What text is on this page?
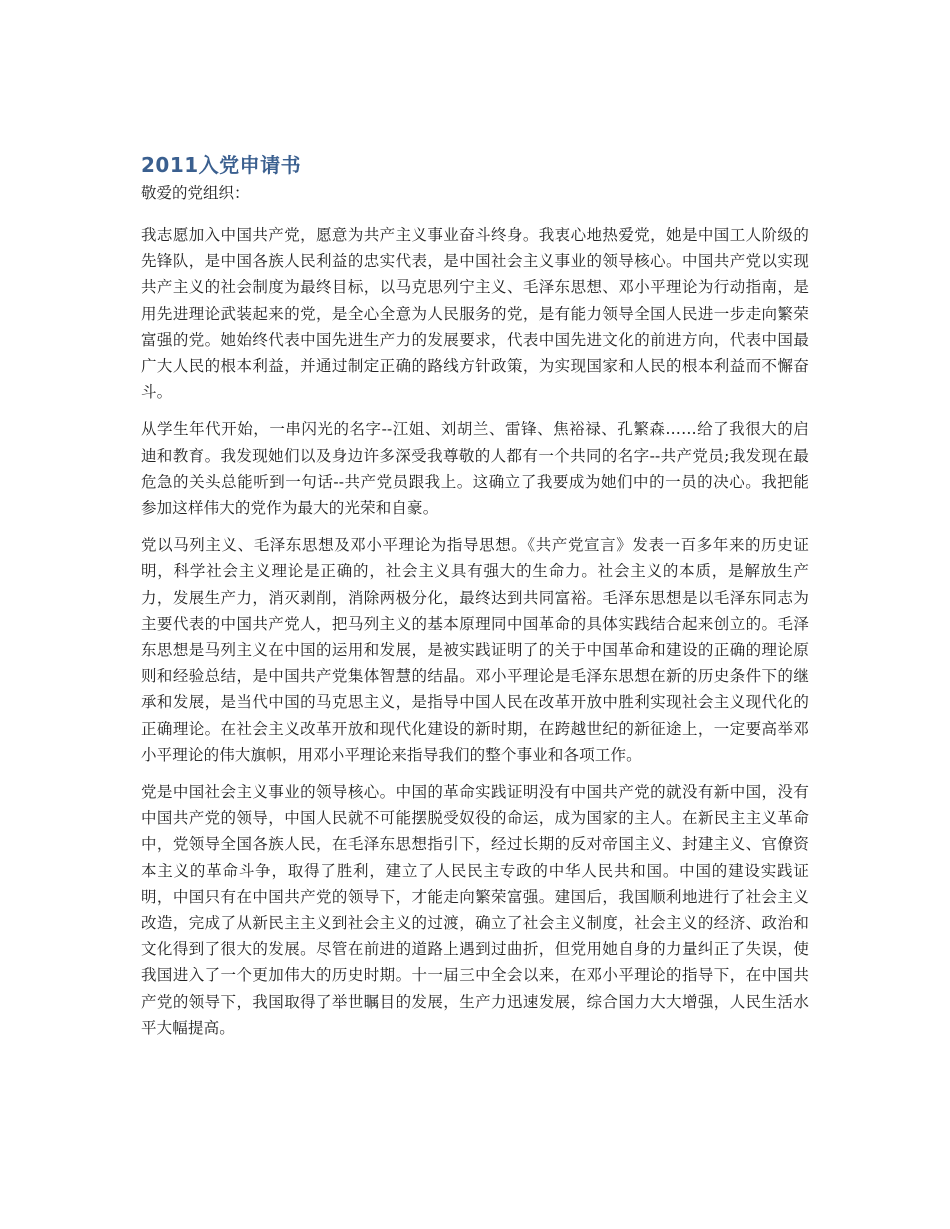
2011入党申请书

敬爱的党组织：

我志愿加入中国共产党，愿意为共产主义事业奋斗终身。我衷心地热爱党，她是中国工人阶级的先锋队，是中国各族人民利益的忠实代表，是中国社会主义事业的领导核心。中国共产党以实现共产主义的社会制度为最终目标，以马克思列宁主义、毛泽东思想、邓小平理论为行动指南，是用先进理论武装起来的党，是全心全意为人民服务的党，是有能力领导全国人民进一步走向繁荣富强的党。她始终代表中国先进生产力的发展要求，代表中国先进文化的前进方向，代表中国最广大人民的根本利益，并通过制定正确的路线方针政策，为实现国家和人民的根本利益而不懈奋斗。

从学生年代开始，一串闪光的名字--江姐、刘胡兰、雷锋、焦裕禄、孔繁森……给了我很大的启迪和教育。我发现她们以及身边许多深受我尊敬的人都有一个共同的名字--共产党员;我发现在最危急的关头总能听到一句话--共产党员跟我上。这确立了我要成为她们中的一员的决心。我把能参加这样伟大的党作为最大的光荣和自豪。

党以马列主义、毛泽东思想及邓小平理论为指导思想。《共产党宣言》发表一百多年来的历史证明，科学社会主义理论是正确的，社会主义具有强大的生命力。社会主义的本质，是解放生产力，发展生产力，消灭剥削，消除两极分化，最终达到共同富裕。毛泽东思想是以毛泽东同志为主要代表的中国共产党人，把马列主义的基本原理同中国革命的具体实践结合起来创立的。毛泽东思想是马列主义在中国的运用和发展，是被实践证明了的关于中国革命和建设的正确的理论原则和经验总结，是中国共产党集体智慧的结晶。邓小平理论是毛泽东思想在新的历史条件下的继承和发展，是当代中国的马克思主义，是指导中国人民在改革开放中胜利实现社会主义现代化的正确理论。在社会主义改革开放和现代化建设的新时期，在跨越世纪的新征途上，一定要高举邓小平理论的伟大旗帜，用邓小平理论来指导我们的整个事业和各项工作。

党是中国社会主义事业的领导核心。中国的革命实践证明没有中国共产党的就没有新中国，没有中国共产党的领导，中国人民就不可能摆脱受奴役的命运，成为国家的主人。在新民主主义革命中，党领导全国各族人民，在毛泽东思想指引下，经过长期的反对帝国主义、封建主义、官僚资本主义的革命斗争，取得了胜利，建立了人民民主专政的中华人民共和国。中国的建设实践证明，中国只有在中国共产党的领导下，才能走向繁荣富强。建国后，我国顺利地进行了社会主义改造，完成了从新民主主义到社会主义的过渡，确立了社会主义制度，社会主义的经济、政治和文化得到了很大的发展。尽管在前进的道路上遇到过曲折，但党用她自身的力量纠正了失误，使我国进入了一个更加伟大的历史时期。十一届三中全会以来，在邓小平理论的指导下，在中国共产党的领导下，我国取得了举世瞩目的发展，生产力迅速发展，综合国力大大增强，人民生活水平大幅提高。
